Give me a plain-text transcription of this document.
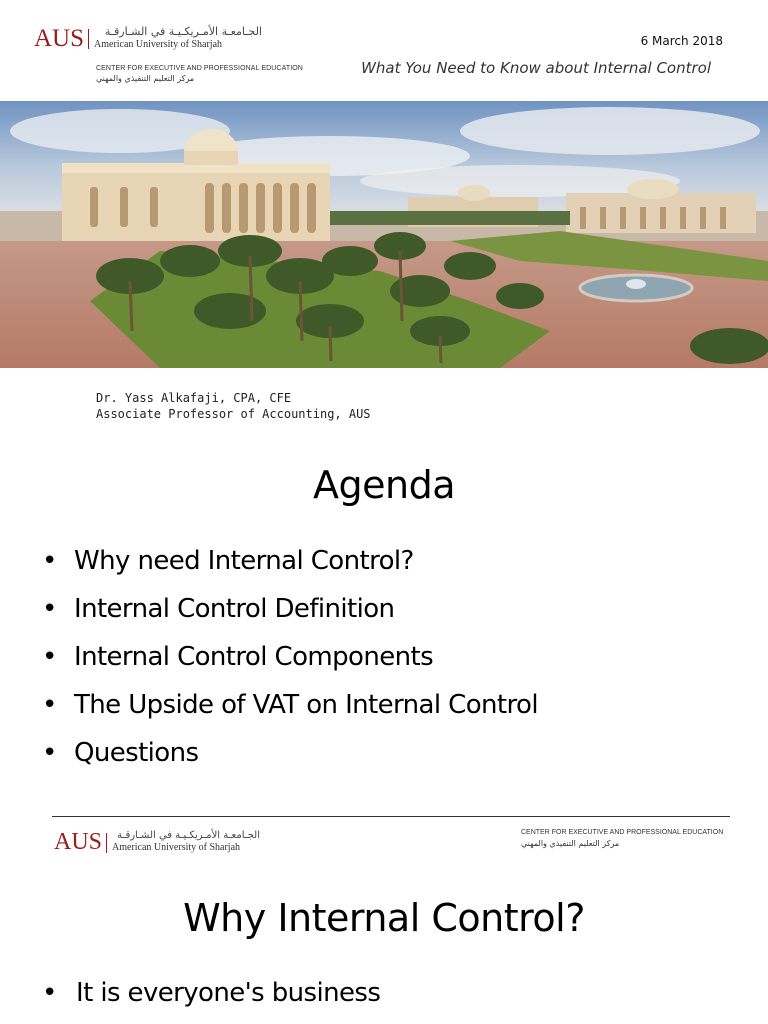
AUS	الجـامعـة الأمـريكـيـة في الشـارقـة
American University of Sharjah
CENTER FOR EXECUTIVE AND PROFESSIONAL EDUCATION
مركز التعليم التنفيذي والمهني
6 March 2018
What You Need to Know about Internal Control
Dr. Yass Alkafaji, CPA, CFE
Associate Professor of Accounting, AUS
Agenda
• Why need Internal Control?
• Internal Control Definition
• Internal Control Components
• The Upside of VAT on Internal Control
• Questions
AUS	الجـامعـة الأمـريكـيـة في الشـارقـة
American University of Sharjah
CENTER FOR EXECUTIVE AND PROFESSIONAL EDUCATION
مركز التعليم التنفيذي والمهني
Why Internal Control?
• It is everyone's business
